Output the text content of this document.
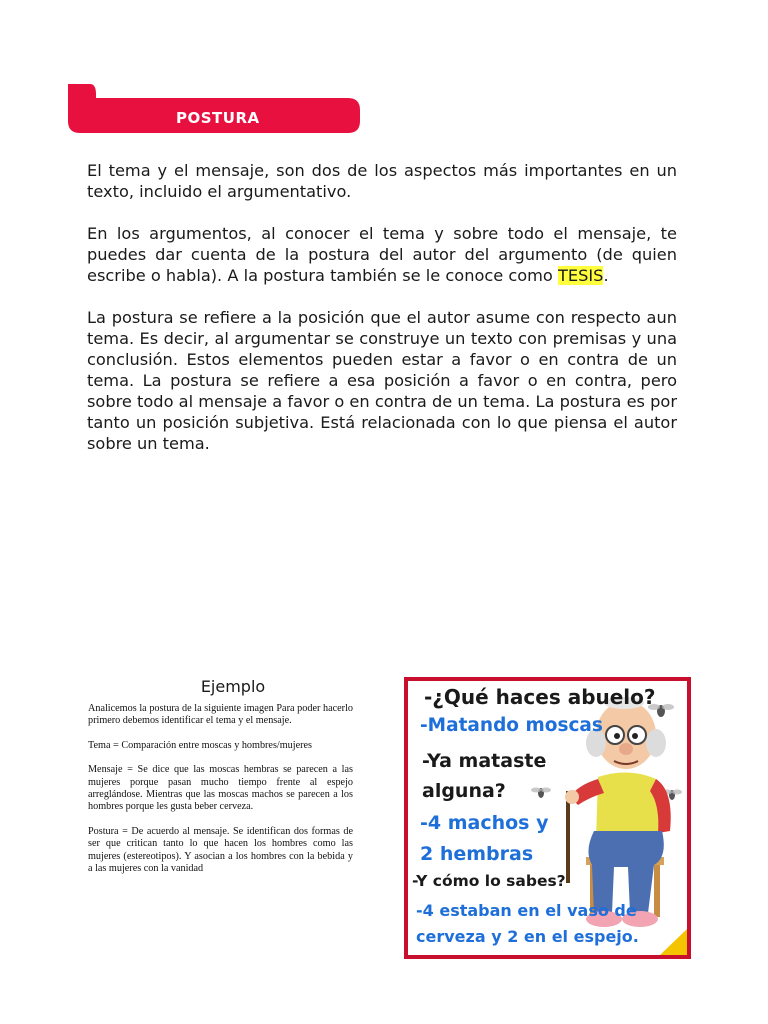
POSTURA

El tema y el mensaje, son dos de los aspectos más importantes en un texto, incluido el argumentativo.

En los argumentos, al conocer el tema y sobre todo el mensaje, te puedes dar cuenta de la postura del autor del argumento (de quien escribe o habla). A la postura también se le conoce como TESIS.

La postura se refiere a la posición que el autor asume con respecto aun tema. Es decir, al argumentar se construye un texto con premisas y una conclusión. Estos elementos pueden estar a favor o en contra de un tema. La postura se refiere a esa posición a favor o en contra, pero sobre todo al mensaje a favor o en contra de un tema. La postura es por tanto un posición subjetiva. Está relacionada con lo que piensa el autor sobre un tema.

Ejemplo

Analicemos la postura de la siguiente imagen Para poder hacerlo primero debemos identificar el tema y el mensaje.

Tema = Comparación entre moscas y hombres/mujeres

Mensaje = Se dice que las moscas hembras se parecen a las mujeres porque pasan mucho tiempo frente al espejo arreglándose. Mientras que las moscas machos se parecen a los hombres porque les gusta beber cerveza.

Postura = De acuerdo al mensaje. Se identifican dos formas de ser que critican tanto lo que hacen los hombres como las mujeres (estereotipos). Y asocian a los hombres con la bebida y a las mujeres con la vanidad

-¿Qué haces abuelo?
-Matando moscas
-Ya mataste
alguna?
-4 machos y
2 hembras
-Y cómo lo sabes?
-4 estaban en el vaso de
cerveza y 2 en el espejo.
